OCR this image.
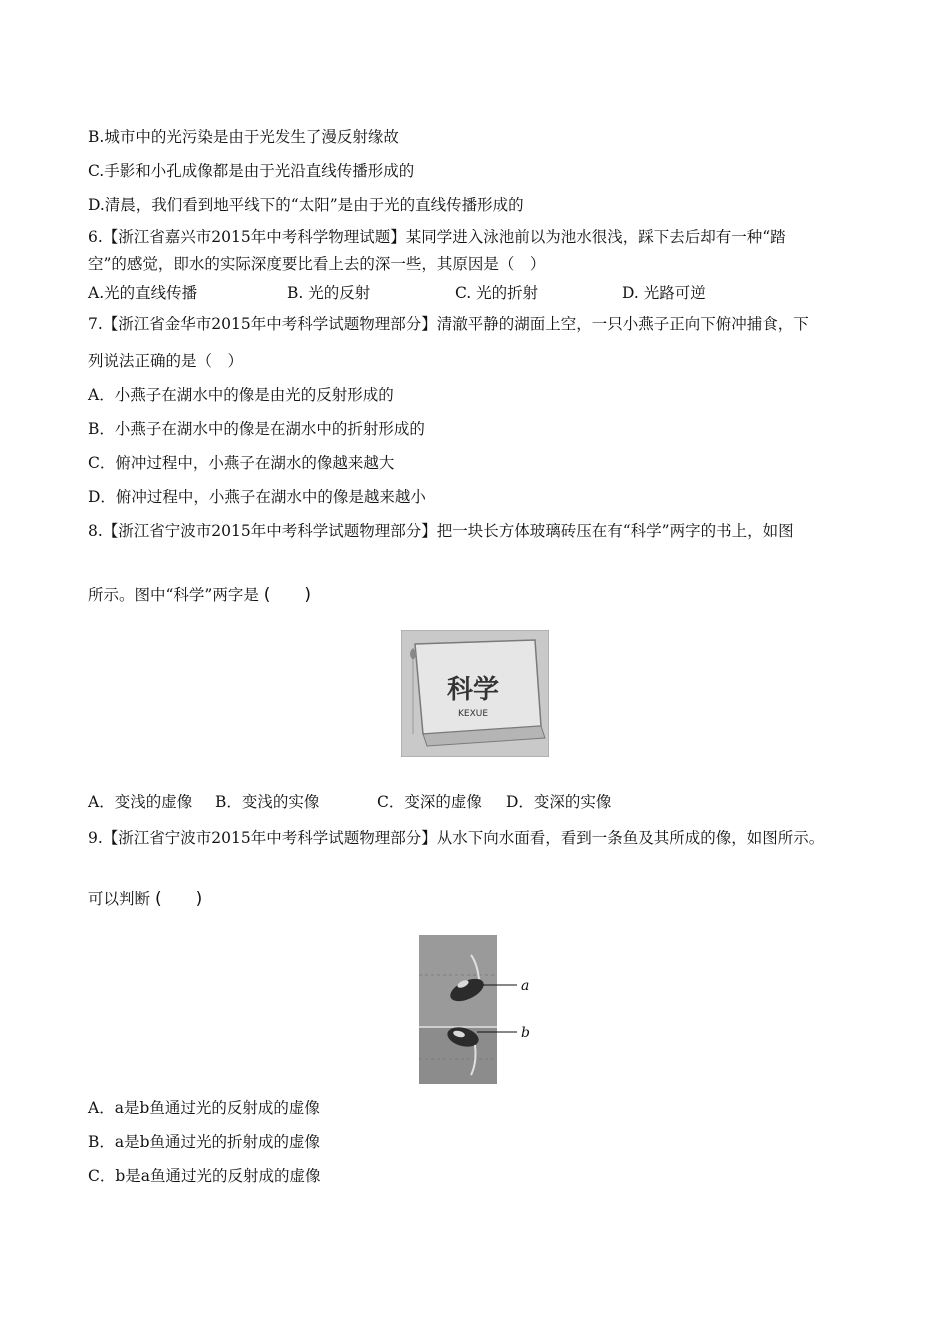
B.城市中的光污染是由于光发生了漫反射缘故
C.手影和小孔成像都是由于光沿直线传播形成的
D.清晨，我们看到地平线下的“太阳”是由于光的直线传播形成的
6.【浙江省嘉兴市2015年中考科学物理试题】某同学进入泳池前以为池水很浅，踩下去后却有一种“踏
空”的感觉，即水的实际深度要比看上去的深一些，其原因是（　）
A.光的直线传播	B. 光的反射	C. 光的折射	D. 光路可逆
7.【浙江省金华市2015年中考科学试题物理部分】清澈平静的湖面上空，一只小燕子正向下俯冲捕食，下
列说法正确的是（　）
A．小燕子在湖水中的像是由光的反射形成的
B．小燕子在湖水中的像是在湖水中的折射形成的
C．俯冲过程中，小燕子在湖水的像越来越大
D．俯冲过程中，小燕子在湖水中的像是越来越小
8.【浙江省宁波市2015年中考科学试题物理部分】把一块长方体玻璃砖压在有“科学”两字的书上，如图
所示。图中“科学”两字是 (　　)
科学
KEXUE
A．变浅的虚像	B．变浅的实像	C．变深的虚像	D．变深的实像
9.【浙江省宁波市2015年中考科学试题物理部分】从水下向水面看，看到一条鱼及其所成的像，如图所示。
可以判断 (　　)
A．a是b鱼通过光的反射成的虚像
B．a是b鱼通过光的折射成的虚像
C．b是a鱼通过光的反射成的虚像
a
b
